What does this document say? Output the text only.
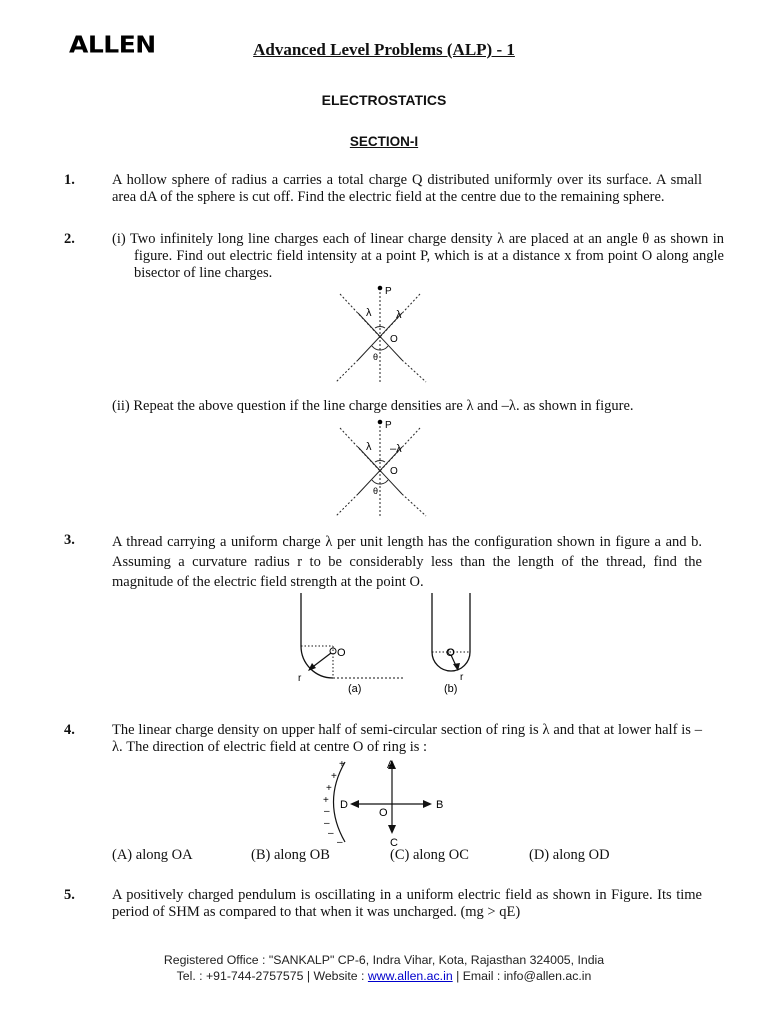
ALLEN	Advanced Level Problems (ALP) - 1
ELECTROSTATICS
SECTION-I
1.	A hollow sphere of radius a carries a total charge Q distributed uniformly over its surface. A small area dA of the sphere is cut off. Find the electric field at the centre due to the remaining sphere.
2.	(i) Two infinitely long line charges each of linear charge density λ are placed at an angle θ as shown in figure. Find out electric field intensity at a point P, which is at a distance x from point O along angle bisector of line charges.
P
O
θ
λ λ
(ii) Repeat the above question if the line charge densities are λ and –λ. as shown in figure.
P
O
θ
λ –λ
3.	A thread carrying a uniform charge λ per unit length has the configuration shown in figure a and b. Assuming a curvature radius r to be considerably less than the length of the thread, find the magnitude of the electric field strength at the point O.
O
r
(a)
O
r
(b)
4.	The linear charge density on upper half of semi-circular section of ring is λ and that at lower half is – λ. The direction of electric field at centre O of ring is :
+
+
+
+
–
–
–
–
A
B
C
D
O
(A) along OA	(B) along OB	(C) along OC	(D) along OD
5.	A positively charged pendulum is oscillating in a uniform electric field as shown in Figure. Its time period of SHM as compared to that when it was uncharged. (mg > qE)
Registered Office : "SANKALP" CP-6, Indra Vihar, Kota, Rajasthan 324005, India
Tel. : +91-744-2757575 | Website : www.allen.ac.in | Email : info@allen.ac.in
